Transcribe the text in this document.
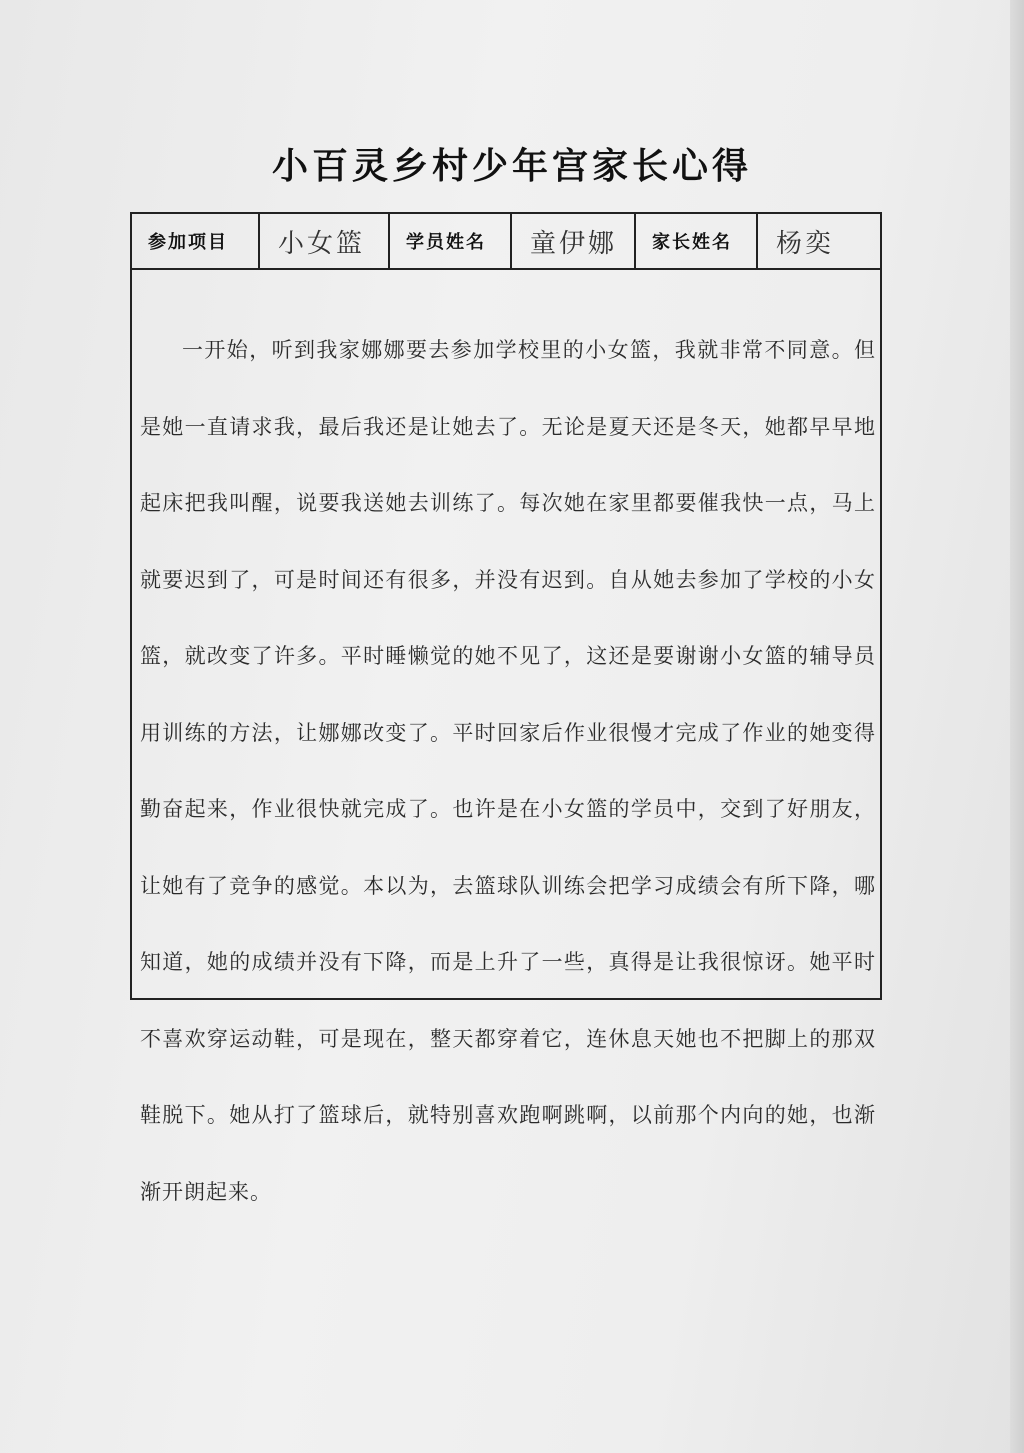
小百灵乡村少年宫家长心得
参加项目	小女篮	学员姓名	童伊娜	家长姓名	杨奕
一开始，听到我家娜娜要去参加学校里的小女篮，我就非常不同意。但是她一直请求我，最后我还是让她去了。无论是夏天还是冬天，她都早早地起床把我叫醒，说要我送她去训练了。每次她在家里都要催我快一点，马上就要迟到了，可是时间还有很多，并没有迟到。自从她去参加了学校的小女篮，就改变了许多。平时睡懒觉的她不见了，这还是要谢谢小女篮的辅导员用训练的方法，让娜娜改变了。平时回家后作业很慢才完成了作业的她变得勤奋起来，作业很快就完成了。也许是在小女篮的学员中，交到了好朋友，让她有了竞争的感觉。本以为，去篮球队训练会把学习成绩会有所下降，哪知道，她的成绩并没有下降，而是上升了一些，真得是让我很惊讶。她平时不喜欢穿运动鞋，可是现在，整天都穿着它，连休息天她也不把脚上的那双鞋脱下。她从打了篮球后，就特别喜欢跑啊跳啊，以前那个内向的她，也渐渐开朗起来。
